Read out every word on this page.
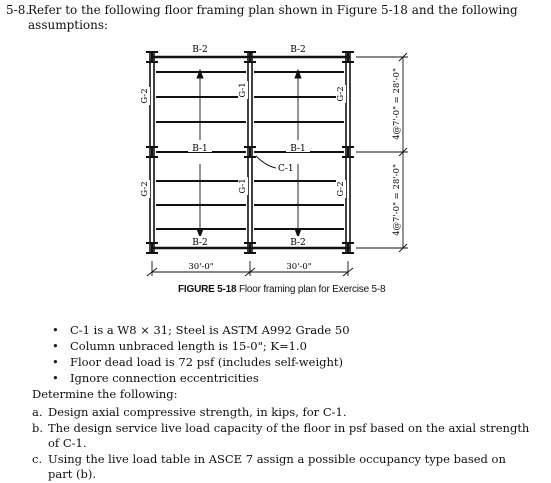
5-8.
Refer to the following floor framing plan shown in Figure 5-18 and the following assumptions:
B-2	B-2
B-1	B-1
B-2	B-2
C-1
G-2
G-2
G-1
G-1
G-2
G-2
30'-0"	30'-0"
4@7'-0" = 28'-0"
4@7'-0" = 28'-0"
FIGURE 5-18 Floor framing plan for Exercise 5-8
• C-1 is a W8 × 31; Steel is ASTM A992 Grade 50
• Column unbraced length is 15-0"; K=1.0
• Floor dead load is 72 psf (includes self-weight)
• Ignore connection eccentricities
Determine the following:
a. Design axial compressive strength, in kips, for C-1.
b. The design service live load capacity of the floor in psf based on the axial strength of C-1.
c. Using the live load table in ASCE 7 assign a possible occupancy type based on part (b).
